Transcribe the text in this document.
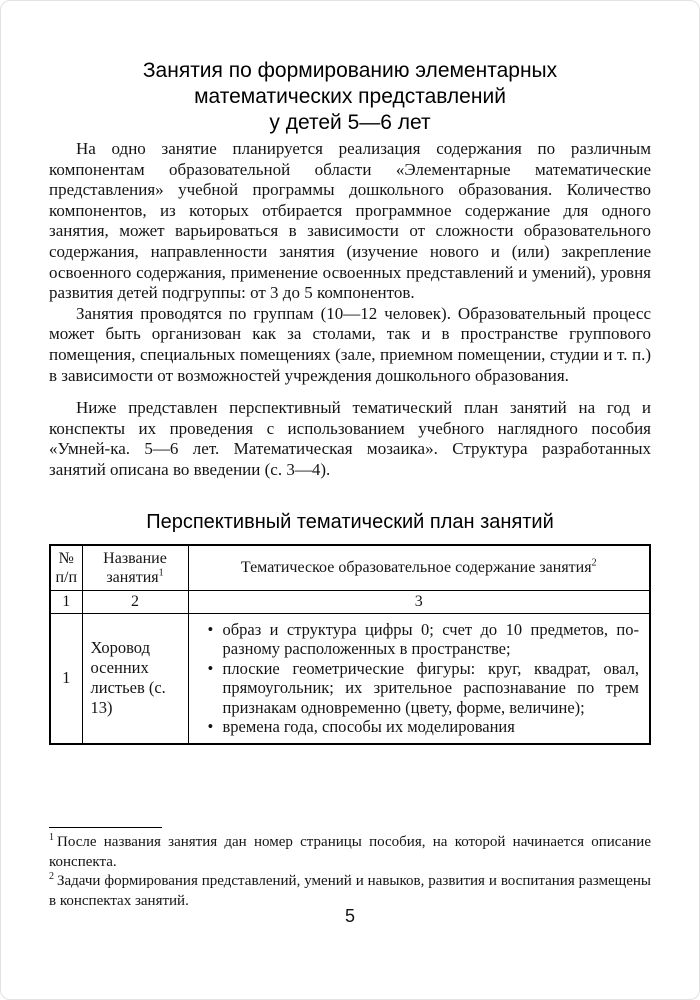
Занятия по формированию элементарных
математических представлений
у детей 5—6 лет

На одно занятие планируется реализация содержания по различным компонентам образовательной области «Элементарные математические представления» учебной программы дошкольного образования. Количество компонентов, из которых отбирается программное содержание для одного занятия, может варьироваться в зависимости от сложности образовательного содержания, направленности занятия (изучение нового и (или) закрепление освоенного содержания, применение освоенных представлений и умений), уровня развития детей подгруппы: от 3 до 5 компонентов.

Занятия проводятся по группам (10—12 человек). Образовательный процесс может быть организован как за столами, так и в пространстве группового помещения, специальных помещениях (зале, приемном помещении, студии и т. п.) в зависимости от возможностей учреждения дошкольного образования.

Ниже представлен перспективный тематический план занятий на год и конспекты их проведения с использованием учебного наглядного пособия «Умней-ка. 5—6 лет. Математическая мозаика». Структура разработанных занятий описана во введении (с. 3—4).

Перспективный тематический план занятий
№ п/п	Название занятия$^1$	Тематическое образовательное содержание занятия$^2$
1	2	3
1	Хоровод осенних листьев (с. 13)	
• образ и структура цифры 0; счет до 10 предметов, по-разному расположенных в пространстве;
• плоские геометрические фигуры: круг, квадрат, овал, прямоугольник; их зрительное распознавание по трем признакам одновременно (цвету, форме, величине);
• времена года, способы их моделирования
$^1$ После названия занятия дан номер страницы пособия, на которой начинается описание конспекта.
$^2$ Задачи формирования представлений, умений и навыков, развития и воспитания размещены в конспектах занятий.
5
